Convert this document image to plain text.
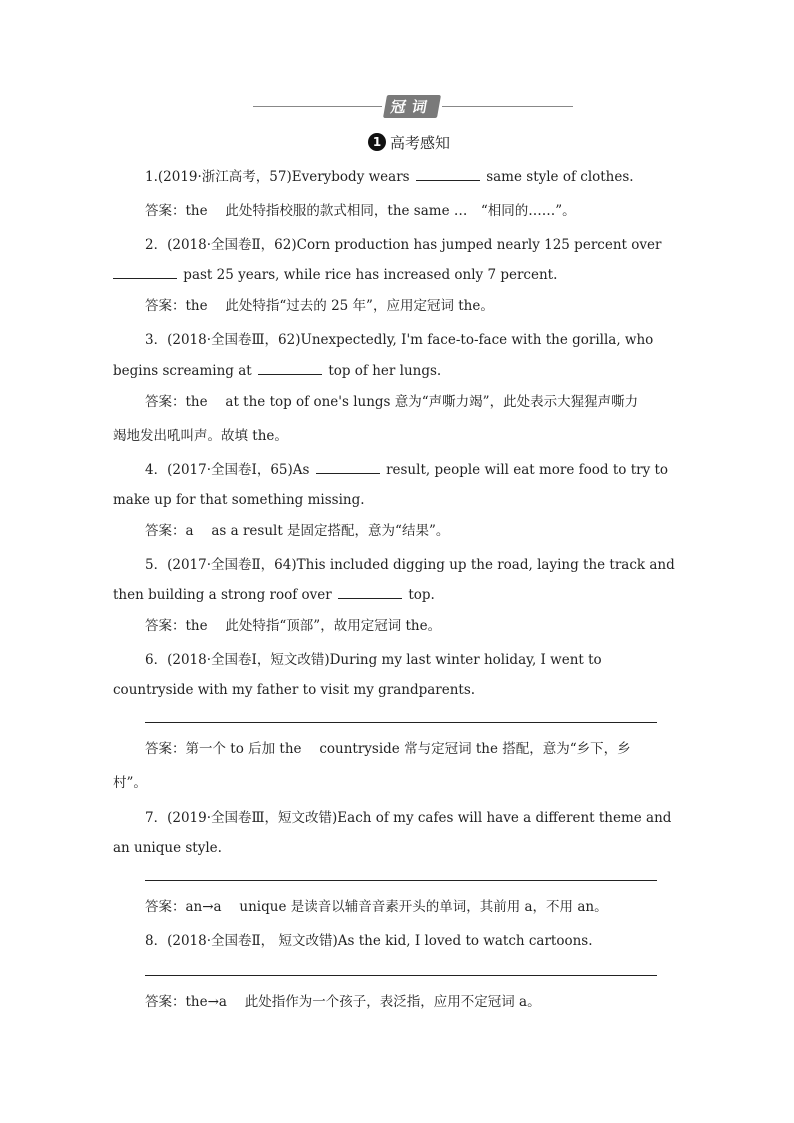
冠词
1 高考感知
1.(2019·浙江高考，57)Everybody wears	same style of clothes.
答案：the　 此处特指校服的款式相同，the same …　“相同的……”。
2．(2018·全国卷Ⅱ，62)Corn production has jumped nearly 125 percent over
past 25 years, while rice has increased only 7 percent.
答案：the　 此处特指“过去的 25 年”，应用定冠词 the。
3．(2018·全国卷Ⅲ，62)Unexpectedly, I'm face-to-face with the gorilla, who
begins screaming at	top of her lungs.
答案：the　 at the top of one's lungs 意为“声嘶力竭”，此处表示大猩猩声嘶力
竭地发出吼叫声。故填 the。
4．(2017·全国卷Ⅰ，65)As	result, people will eat more food to try to
make up for that something missing.
答案：a　 as a result 是固定搭配，意为“结果”。
5．(2017·全国卷Ⅱ，64)This included digging up the road, laying the track and
then building a strong roof over	top.
答案：the　 此处特指“顶部”，故用定冠词 the。
6．(2018·全国卷Ⅰ，短文改错)During my last winter holiday, I went to
countryside with my father to visit my grandparents.
答案：第一个 to 后加 the　 countryside 常与定冠词 the 搭配，意为“乡下，乡
村”。
7．(2019·全国卷Ⅲ，短文改错)Each of my cafes will have a different theme and
an unique style.
答案：an→a　 unique 是读音以辅音音素开头的单词，其前用 a，不用 an。
8．(2018·全国卷Ⅱ， 短文改错)As the kid, I loved to watch cartoons.
答案：the→a　 此处指作为一个孩子，表泛指，应用不定冠词 a。
